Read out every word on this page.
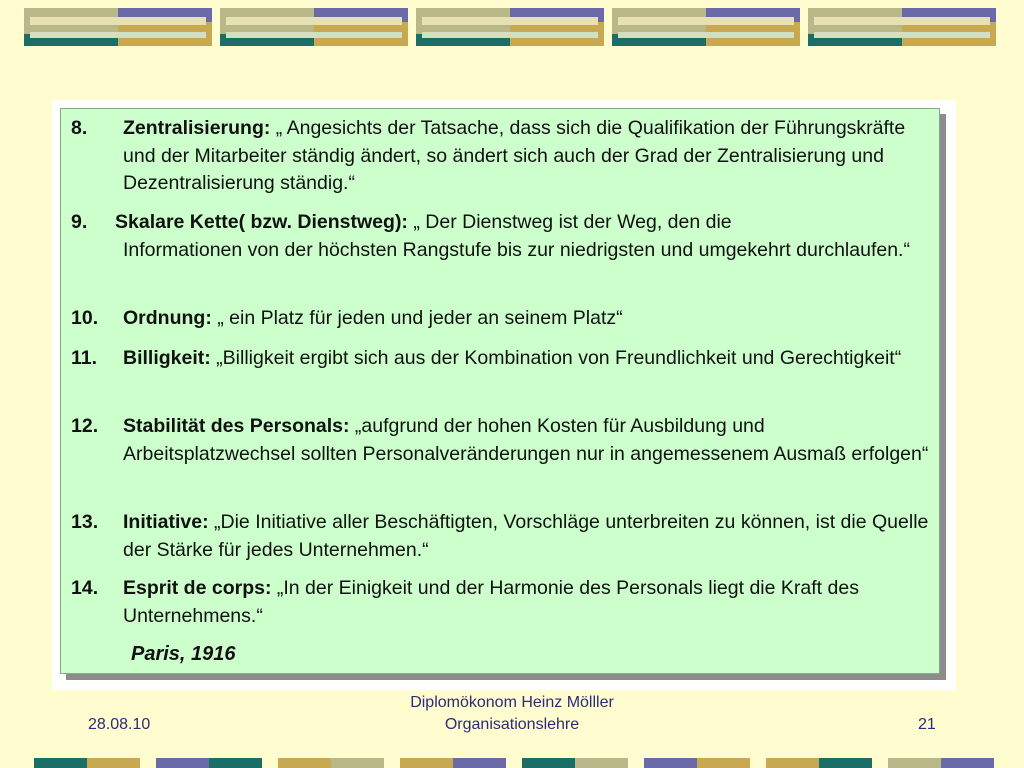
8. Zentralisierung: „ Angesichts der Tatsache, dass sich die Qualifikation der Führungskräfte und der Mitarbeiter ständig ändert, so ändert sich auch der Grad der Zentralisierung und Dezentralisierung ständig.“
9. Skalare Kette( bzw. Dienstweg): „ Der Dienstweg ist der Weg, den die
Informationen von der höchsten Rangstufe bis zur niedrigsten und umgekehrt durchlaufen.“
10. Ordnung: „ ein Platz für jeden und jeder an seinem Platz“
11. Billigkeit: „Billigkeit ergibt sich aus der Kombination von Freundlichkeit und Gerechtigkeit“
12. Stabilität des Personals: „aufgrund der hohen Kosten für Ausbildung und Arbeitsplatzwechsel sollten Personalveränderungen nur in angemessenem Ausmaß erfolgen“
13. Initiative: „Die Initiative aller Beschäftigten, Vorschläge unterbreiten zu können, ist die Quelle der Stärke für jedes Unternehmen.“
14. Esprit de corps: „In der Einigkeit und der Harmonie des Personals liegt die Kraft des Unternehmens.“
Paris, 1916
28.08.10
Diplomökonom Heinz Mölller
Organisationslehre	21
